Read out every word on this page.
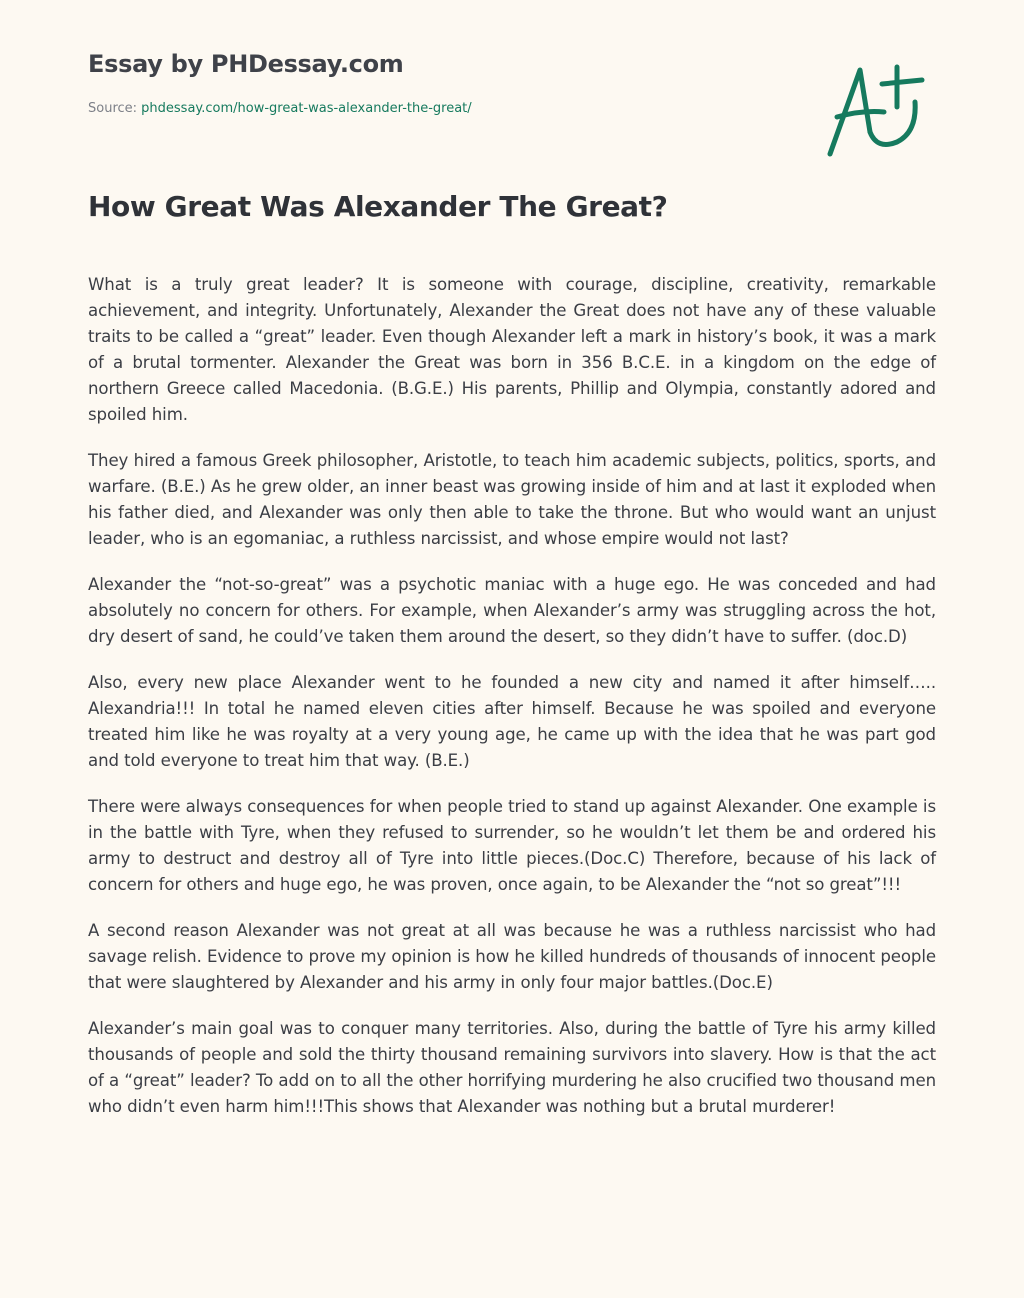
Essay by PHDessay.com
Source: phdessay.com/how-great-was-alexander-the-great/
How Great Was Alexander The Great?

What is a truly great leader? It is someone with courage, discipline, creativity, remarkable achievement, and integrity. Unfortunately, Alexander the Great does not have any of these valuable traits to be called a “great” leader. Even though Alexander left a mark in history’s book, it was a mark of a brutal tormenter. Alexander the Great was born in 356 B.C.E. in a kingdom on the edge of northern Greece called Macedonia. (B.G.E.) His parents, Phillip and Olympia, constantly adored and spoiled him.

They hired a famous Greek philosopher, Aristotle, to teach him academic subjects, politics, sports, and warfare. (B.E.) As he grew older, an inner beast was growing inside of him and at last it exploded when his father died, and Alexander was only then able to take the throne. But who would want an unjust leader, who is an egomaniac, a ruthless narcissist, and whose empire would not last?

Alexander the “not-so-great” was a psychotic maniac with a huge ego. He was conceded and had absolutely no concern for others. For example, when Alexander’s army was struggling across the hot, dry desert of sand, he could’ve taken them around the desert, so they didn’t have to suffer. (doc.D)

Also, every new place Alexander went to he founded a new city and named it after himself….. Alexandria!!! In total he named eleven cities after himself. Because he was spoiled and everyone treated him like he was royalty at a very young age, he came up with the idea that he was part god and told everyone to treat him that way. (B.E.)

There were always consequences for when people tried to stand up against Alexander. One example is in the battle with Tyre, when they refused to surrender, so he wouldn’t let them be and ordered his army to destruct and destroy all of Tyre into little pieces.(Doc.C) Therefore, because of his lack of concern for others and huge ego, he was proven, once again, to be Alexander the “not so great”!!!

A second reason Alexander was not great at all was because he was a ruthless narcissist who had savage relish. Evidence to prove my opinion is how he killed hundreds of thousands of innocent people that were slaughtered by Alexander and his army in only four major battles.(Doc.E)

Alexander’s main goal was to conquer many territories. Also, during the battle of Tyre his army killed thousands of people and sold the thirty thousand remaining survivors into slavery. How is that the act of a “great” leader? To add on to all the other horrifying murdering he also crucified two thousand men who didn’t even harm him!!!This shows that Alexander was nothing but a brutal murderer!
